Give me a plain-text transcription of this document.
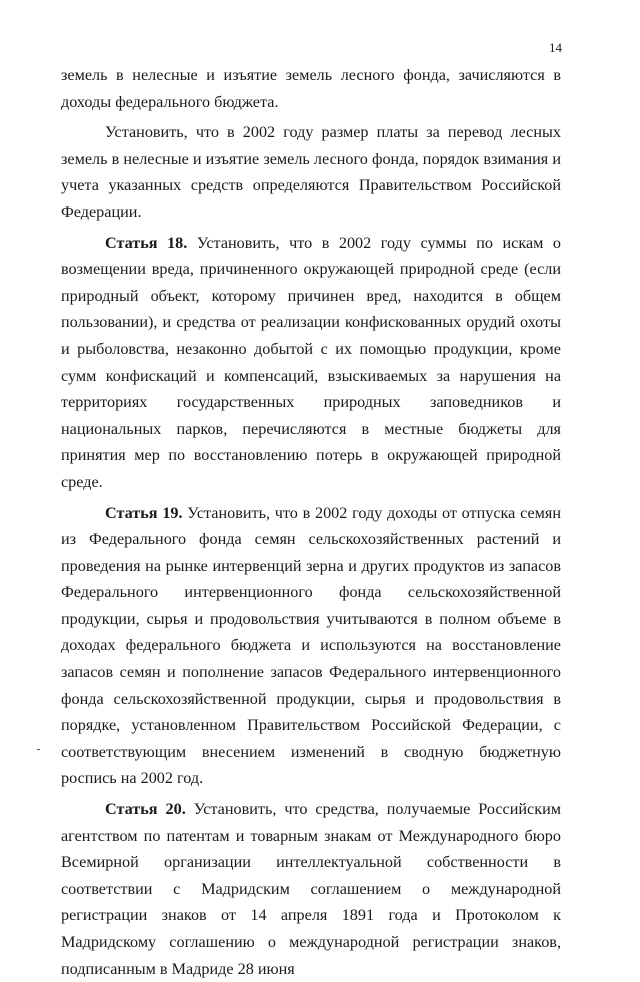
14

земель в нелесные и изъятие земель лесного фонда, зачисляются в доходы федерального бюджета.

Установить, что в 2002 году размер платы за перевод лесных земель в нелесные и изъятие земель лесного фонда, порядок взимания и учета указанных средств определяются Правительством Российской Федерации.

Статья 18. Установить, что в 2002 году суммы по искам о возмещении вреда, причиненного окружающей природной среде (если природный объект, которому причинен вред, находится в общем пользовании), и средства от реализации конфискованных орудий охоты и рыболовства, незаконно добытой с их помощью продукции, кроме сумм конфискаций и компенсаций, взыскиваемых за нарушения на территориях государственных природных заповедников и национальных парков, перечисляются в местные бюджеты для принятия мер по восстановлению потерь в окружающей природной среде.

Статья 19. Установить, что в 2002 году доходы от отпуска семян из Федерального фонда семян сельскохозяйственных растений и проведения на рынке интервенций зерна и других продуктов из запасов Федерального интервенционного фонда сельскохозяйственной продукции, сырья и продовольствия учитываются в полном объеме в доходах федерального бюджета и используются на восстановление запасов семян и пополнение запасов Федерального интервенционного фонда сельскохозяйственной продукции, сырья и продовольствия в порядке, установленном Правительством Российской Федерации, с соответствующим внесением изменений в сводную бюджетную роспись на 2002 год.

Статья 20. Установить, что средства, получаемые Российским агентством по патентам и товарным знакам от Международного бюро Всемирной организации интеллектуальной собственности в соответствии с Мадридским соглашением о международной регистрации знаков от 14 апреля 1891 года и Протоколом к Мадридскому соглашению о международной регистрации знаков, подписанным в Мадриде 28 июня
